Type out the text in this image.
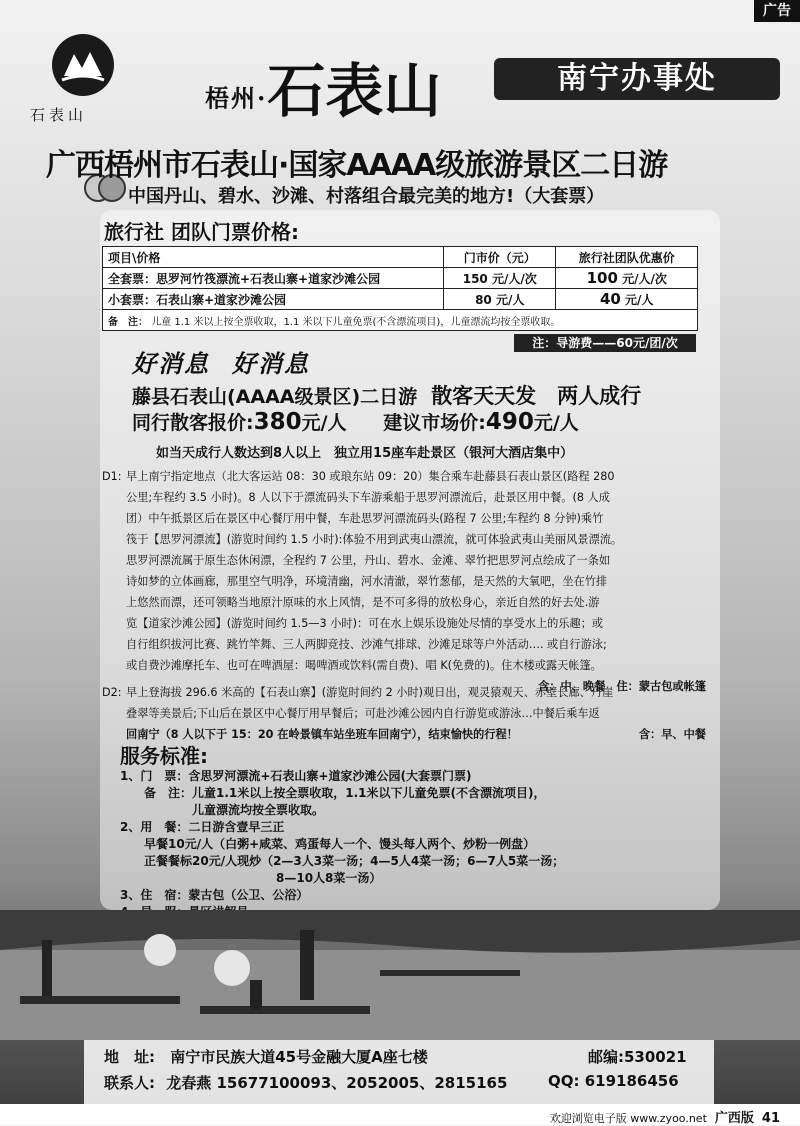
广告
石表山
梧州·石表山	南宁办事处
广西梧州市石表山·国家AAAA级旅游景区二日游
中国丹山、碧水、沙滩、村落组合最完美的地方!（大套票）
旅行社 团队门票价格:
项目\价格	门市价（元）	旅行社团队优惠价
全套票：思罗河竹筏漂流+石表山寨+道家沙滩公园	150 元/人/次	100 元/人/次
小套票：石表山寨+道家沙滩公园	80 元/人	40 元/人
备　注： 儿童 1.1 米以上按全票收取，1.1 米以下儿童免票(不含漂流项目)，儿童漂流均按全票收取。		
注：导游费——60元/团/次
好消息 好消息
藤县石表山(AAAA级景区)二日游 散客天天发　两人成行
同行散客报价:380元/人 建议市场价:490元/人
如当天成行人数达到8人以上　独立用15座车赴景区（银河大酒店集中）

D1: 早上南宁指定地点（北大客运站 08：30 或琅东站 09：20）集合乘车赴藤县石表山景区(路程 280

公里;车程约 3.5 小时)。8 人以下于漂流码头下车游乘船于思罗河漂流后，赴景区用中餐。(8 人成

团）中午抵景区后在景区中心餐厅用中餐，车赴思罗河漂流码头(路程 7 公里;车程约 8 分钟)乘竹

筏于【思罗河漂流】(游览时间约 1.5 小时):体验不用到武夷山漂流，就可体验武夷山美丽风景漂流。

思罗河漂流属于原生态休闲漂，全程约 7 公里，丹山、碧水、金滩、翠竹把思罗河点绘成了一条如

诗如梦的立体画廊，那里空气明净，环境清幽，河水清澈，翠竹葱郁，是天然的大氧吧，坐在竹排

上悠然而漂，还可领略当地原汁原味的水上风情，是不可多得的放松身心，亲近自然的好去处.游

览【道家沙滩公园】(游览时间约 1.5—3 小时)：可在水上娱乐设施处尽情的享受水上的乐趣；或

自行组织拔河比赛、跳竹竿舞、三人两脚竞技、沙滩气排球、沙滩足球等户外活动…. 或自行游泳;

或自费沙滩摩托车、也可在啤酒屋：喝啤酒或饮料(需自费)、唱 K(免费的)。住木楼或露天帐篷。

含：中、晚餐　住：蒙古包或帐篷

D2: 早上登海拔 296.6 米高的【石表山寨】(游览时间约 2 小时)观日出，观灵猿观天、赤壁长廊、丹崖

叠翠等美景后;下山后在景区中心餐厅用早餐后；可赴沙滩公园内自行游览或游泳…中餐后乘车返

回南宁（8 人以下于 15：20 在岭景镇车站坐班车回南宁），结束愉快的行程！	含：早、中餐

服务标准:
1、门　票：含思罗河漂流+石表山寨+道家沙滩公园(大套票门票)
　　备　注：儿童1.1米以上按全票收取，1.1米以下儿童免票(不含漂流项目)，
　　　　　　儿童漂流均按全票收取。
2、用　餐：二日游含壹早三正
　　早餐10元/人（白粥+咸菜、鸡蛋每人一个、馒头每人两个、炒粉一例盘）
　　正餐餐标20元/人现炒（2—3人3菜一汤；4—5人4菜一汤；6—7人5菜一汤；
　　　　　　　　　　　　　8—10人8菜一汤）
3、住　宿：蒙古包（公卫、公浴）
地　址: 南宁市民族大道45号金融大厦A座七楼	邮编:530021
联系人: 龙春燕 15677100093、2052005、2815165	QQ: 619186456
欢迎浏览电子版 www.zyoo.net 广西版 41
